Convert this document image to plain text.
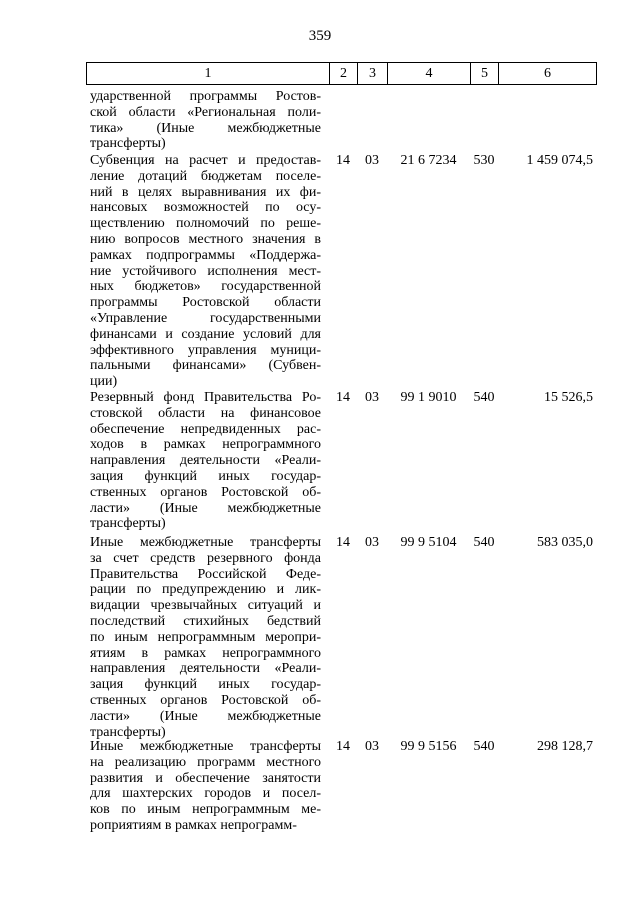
359
1	2	3	4	5	6
ударственной программы Ростов-
ской области «Региональная поли-
тика» (Иные межбюджетные
трансферты)
Субвенция на расчет и предостав-
ление дотаций бюджетам поселе-
ний в целях выравнивания их фи-
нансовых возможностей по осу-
ществлению полномочий по реше-
нию вопросов местного значения в
рамках подпрограммы «Поддержа-
ние устойчивого исполнения мест-
ных бюджетов» государственной
программы Ростовской области
«Управление государственными
финансами и создание условий для
эффективного управления муници-
пальными финансами» (Субвен-
ции)
14	03	21 6 7234	530	1 459 074,5
Резервный фонд Правительства Ро-
стовской области на финансовое
обеспечение непредвиденных рас-
ходов в рамках непрограммного
направления деятельности «Реали-
зация функций иных государ-
ственных органов Ростовской об-
ласти» (Иные межбюджетные
трансферты)
14	03	99 1 9010	540	15 526,5
Иные межбюджетные трансферты
за счет средств резервного фонда
Правительства Российской Феде-
рации по предупреждению и лик-
видации чрезвычайных ситуаций и
последствий стихийных бедствий
по иным непрограммным меропри-
ятиям в рамках непрограммного
направления деятельности «Реали-
зация функций иных государ-
ственных органов Ростовской об-
ласти» (Иные межбюджетные
трансферты)
14	03	99 9 5104	540	583 035,0
Иные межбюджетные трансферты
на реализацию программ местного
развития и обеспечение занятости
для шахтерских городов и посел-
ков по иным непрограммным ме-
роприятиям в рамках непрограмм-
14	03	99 9 5156	540	298 128,7
